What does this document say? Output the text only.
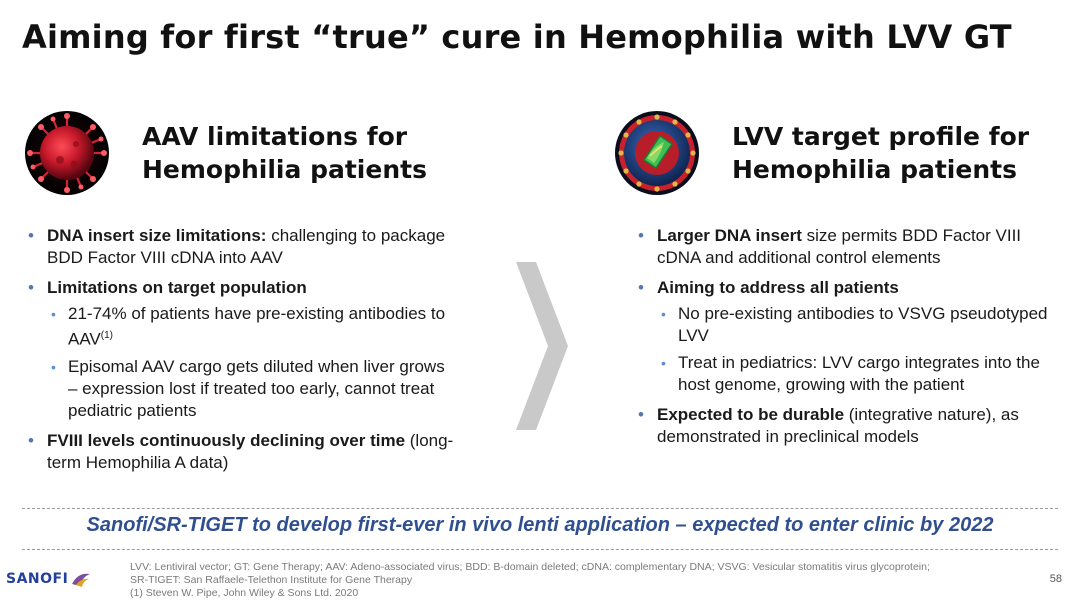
Aiming for first “true” cure in Hemophilia with LVV GT
AAV limitations for
Hemophilia patients
• DNA insert size limitations: challenging to package BDD Factor VIII cDNA into AAV
• Limitations on target population
• 21-74% of patients have pre-existing antibodies to AAV$^{(1)}$
• Episomal AAV cargo gets diluted when liver grows – expression lost if treated too early, cannot treat pediatric patients
• FVIII levels continuously declining over time (long-term Hemophilia A data)
LVV target profile for
Hemophilia patients
• Larger DNA insert size permits BDD Factor VIII cDNA and additional control elements
• Aiming to address all patients
• No pre-existing antibodies to VSVG pseudotyped LVV
• Treat in pediatrics: LVV cargo integrates into the host genome, growing with the patient
• Expected to be durable (integrative nature), as demonstrated in preclinical models

Sanofi/SR-TIGET to develop first-ever in vivo lenti application – expected to enter clinic by 2022

SANOFI
LVV: Lentiviral vector; GT: Gene Therapy; AAV: Adeno-associated virus; BDD: B-domain deleted; cDNA: complementary DNA; VSVG: Vesicular stomatitis virus glycoprotein;
SR-TIGET: San Raffaele-Telethon Institute for Gene Therapy
(1) Steven W. Pipe, John Wiley & Sons Ltd. 2020
58
